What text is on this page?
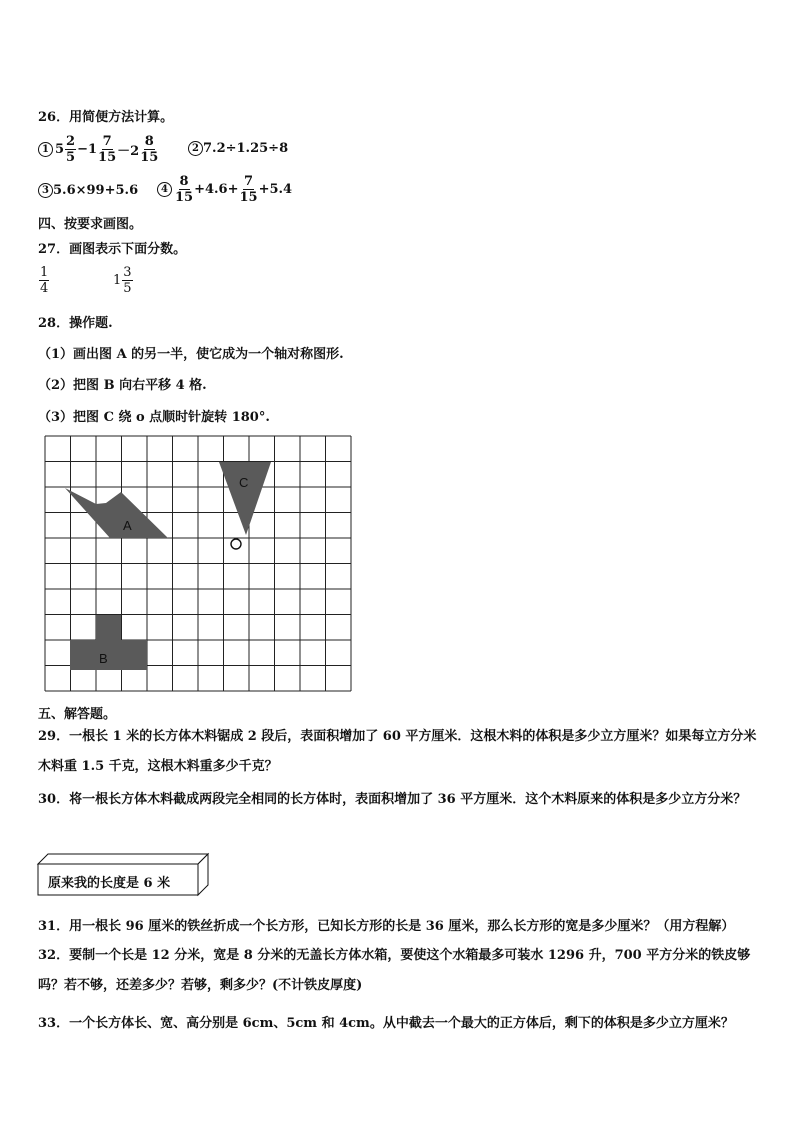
26．用简便方法计算。
1 $5 \frac{2}{5} -1 \frac{7}{15} -2 \frac{8}{15}$	2 7.2÷1.25÷8
3 5.6×99+5.6	$4 \frac{8}{15} +4.6+ \frac{7}{15} +5.4$
四、按要求画图。
27．画图表示下面分数。
$\frac{1}{4}$	$1 \frac{3}{5}$
28．操作题.
（1）画出图 A 的另一半，使它成为一个轴对称图形.
（2）把图 B 向右平移 4 格.
（3）把图 C 绕 o 点顺时针旋转 180°.
A
B
C
五、解答题。
29．一根长 1 米的长方体木料锯成 2 段后，表面积增加了 60 平方厘米．这根木料的体积是多少立方厘米？如果每立方分米木料重 1.5 千克，这根木料重多少千克？
30．将一根长方体木料截成两段完全相同的长方体时，表面积增加了 36 平方厘米．这个木料原来的体积是多少立方分米？
原来我的长度是 6 米
31．用一根长 96 厘米的铁丝折成一个长方形，已知长方形的长是 36 厘米，那么长方形的宽是多少厘米？（用方程解）
32．要制一个长是 12 分米，宽是 8 分米的无盖长方体水箱，要使这个水箱最多可装水 1296 升，700 平方分米的铁皮够吗？若不够，还差多少？若够，剩多少？(不计铁皮厚度)
33．一个长方体长、宽、高分别是 6cm、5cm 和 4cm。从中截去一个最大的正方体后，剩下的体积是多少立方厘米？
